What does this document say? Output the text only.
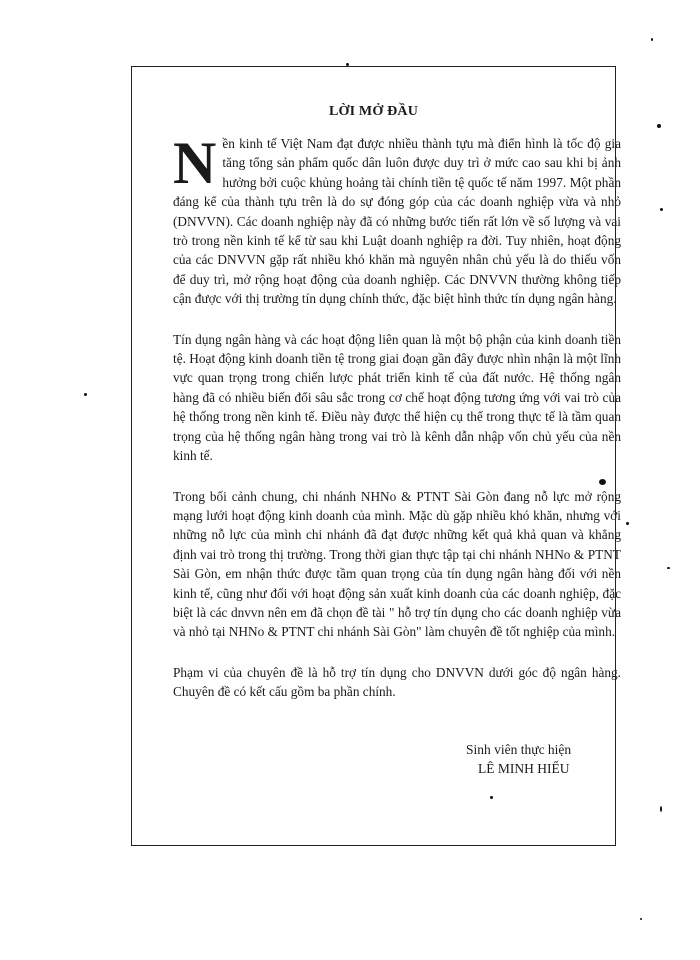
LỜI MỞ ĐẦU

Nền kinh tế Việt Nam đạt được nhiều thành tựu mà điển hình là tốc độ gia tăng tổng sản phẩm quốc dân luôn được duy trì ở mức cao sau khi bị ảnh hưởng bởi cuộc khủng hoảng tài chính tiền tệ quốc tế năm 1997. Một phần đáng kể của thành tựu trên là do sự đóng góp của các doanh nghiệp vừa và nhỏ (DNVVN). Các doanh nghiệp này đã có những bước tiến rất lớn về số lượng và vai trò trong nền kinh tế kể từ sau khi Luật doanh nghiệp ra đời. Tuy nhiên, hoạt động của các DNVVN gặp rất nhiều khó khăn mà nguyên nhân chủ yếu là do thiếu vốn để duy trì, mở rộng hoạt động của doanh nghiệp. Các DNVVN thường không tiếp cận được với thị trường tín dụng chính thức, đặc biệt hình thức tín dụng ngân hàng.

Tín dụng ngân hàng và các hoạt động liên quan là một bộ phận của kinh doanh tiền tệ. Hoạt động kinh doanh tiền tệ trong giai đoạn gần đây được nhìn nhận là một lĩnh vực quan trọng trong chiến lược phát triển kinh tế của đất nước. Hệ thống ngân hàng đã có nhiều biến đổi sâu sắc trong cơ chế hoạt động tương ứng với vai trò của hệ thống trong nền kinh tế. Điều này được thể hiện cụ thể trong thực tế là tầm quan trọng của hệ thống ngân hàng trong vai trò là kênh dẫn nhập vốn chủ yếu của nền kinh tế.

Trong bối cảnh chung, chi nhánh NHNo & PTNT Sài Gòn đang nỗ lực mở rộng mạng lưới hoạt động kinh doanh của mình. Mặc dù gặp nhiều khó khăn, nhưng với những nỗ lực của mình chi nhánh đã đạt được những kết quả khả quan và khẳng định vai trò trong thị trường. Trong thời gian thực tập tại chi nhánh NHNo & PTNT Sài Gòn, em nhận thức được tầm quan trọng của tín dụng ngân hàng đối với nền kinh tế, cũng như đối với hoạt động sản xuất kinh doanh của các doanh nghiệp, đặc biệt là các dnvvn nên em đã chọn đề tài " hỗ trợ tín dụng cho các doanh nghiệp vừa và nhỏ tại NHNo & PTNT chi nhánh Sài Gòn" làm chuyên đề tốt nghiệp của mình.

Phạm vi của chuyên đề là hỗ trợ tín dụng cho DNVVN dưới góc độ ngân hàng. Chuyên đề có kết cấu gồm ba phần chính.

Sinh viên thực hiện
LÊ MINH HIẾU
